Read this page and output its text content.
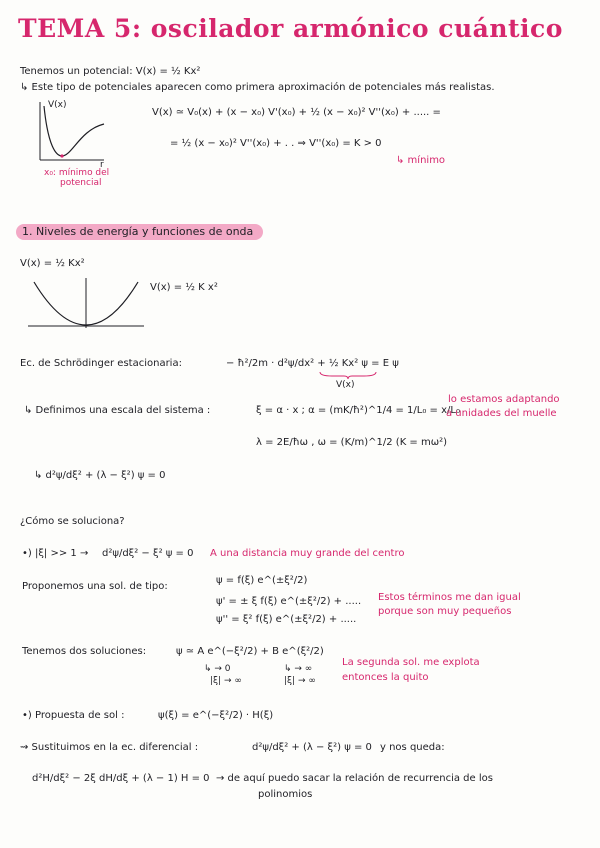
TEMA 5: oscilador armónico cuántico
Tenemos un potencial: V(x) = ½ Kx²
↳ Este tipo de potenciales aparecen como primera aproximación de potenciales más realistas.
V(x)
r
x₀: mínimo del
potencial
V(x) ≃ V₀(x) + (x − x₀) V'(x₀) + ½ (x − x₀)² V''(x₀) + ..... =
= ½ (x − x₀)² V''(x₀) + . . ⇒ V''(x₀) = K > 0
↳ mínimo
1. Niveles de energía y funciones de onda
V(x) = ½ Kx²
V(x) = ½ K x²
Ec. de Schrödinger estacionaria:	− ħ²/2m · d²ψ/dx² + ½ Kx² ψ = E ψ
V(x)
↳ Definimos una escala del sistema :	ξ = α · x ; α = (mK/ħ²)^1/4 = 1/L₀ = x/L₀
λ = 2E/ħω , ω = (K/m)^1/2 (K = mω²)
lo estamos adaptando
a unidades del muelle
↳ d²ψ/dξ² + (λ − ξ²) ψ = 0
¿Cómo se soluciona?
•) |ξ| >> 1 → d²ψ/dξ² − ξ² ψ = 0 A una distancia muy grande del centro
Proponemos una sol. de tipo:
ψ = f(ξ) e^(±ξ²/2)
ψ' = ± ξ f(ξ) e^(±ξ²/2) + .....
ψ'' = ξ² f(ξ) e^(±ξ²/2) + .....
Estos términos me dan igual
porque son muy pequeños
Tenemos dos soluciones:	ψ ≃ A e^(−ξ²/2) + B e^(ξ²/2)
↳ → 0
|ξ| → ∞
↳ → ∞
|ξ| → ∞
La segunda sol. me explota
entonces la quito
•) Propuesta de sol :	ψ(ξ) = e^(−ξ²/2) · H(ξ)
⇝ Sustituimos en la ec. diferencial :	d²ψ/dξ² + (λ − ξ²) ψ = 0 y nos queda:
d²H/dξ² − 2ξ dH/dξ + (λ − 1) H = 0 → de aquí puedo sacar la relación de recurrencia de los
polinomios
